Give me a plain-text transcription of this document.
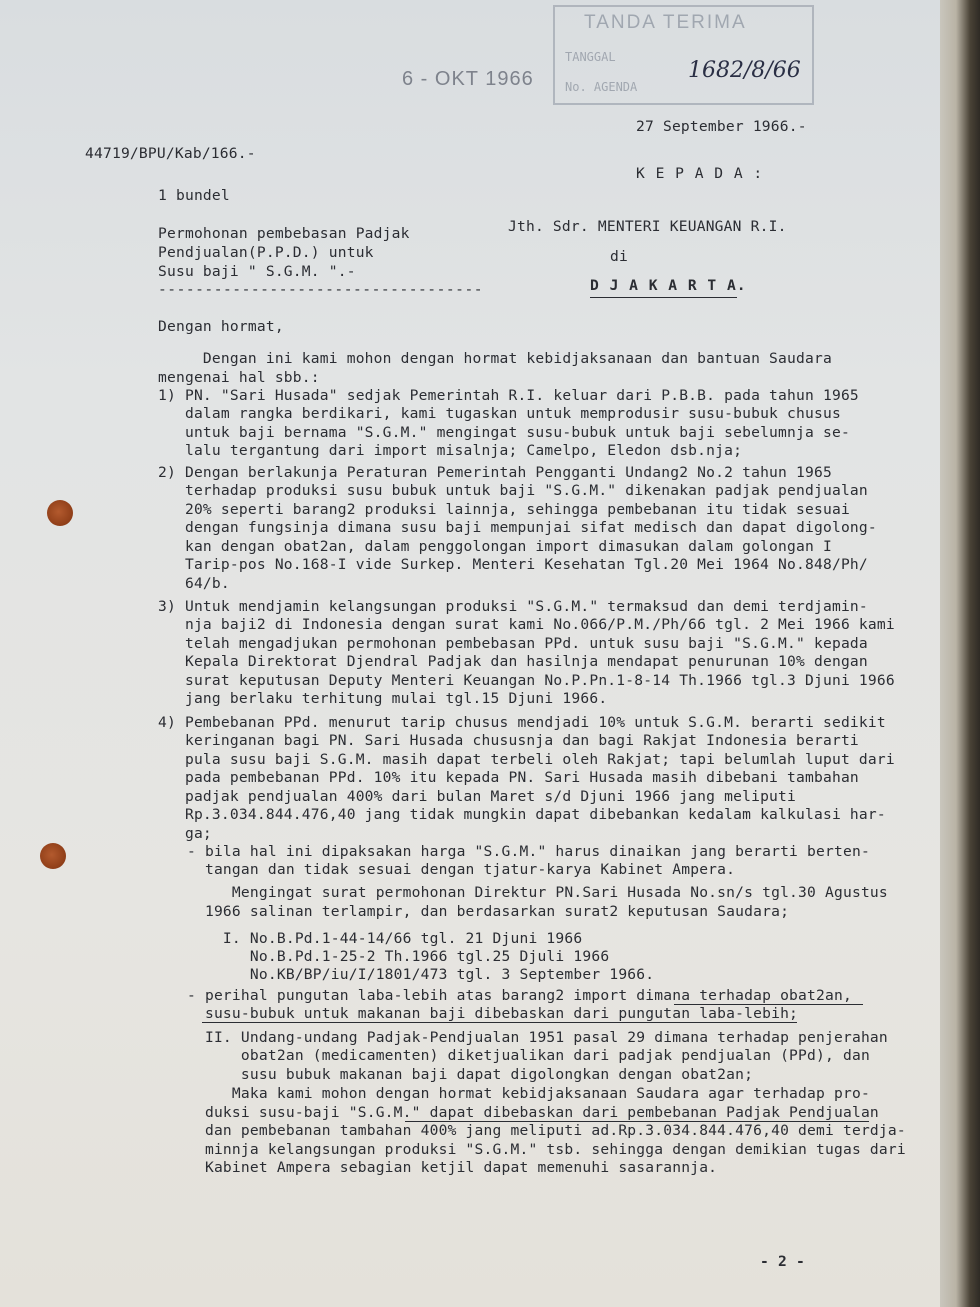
TANDA TERIMA
TANGGAL
No. AGENDA
1682/8/66
6 - OKT 1966
44719/BPU/Kab/166.-
27 September 1966.-
1 bundel
K E P A D A :
Permohonan pembebasan Padjak
Pendjualan(P.P.D.) untuk
Susu baji " S.G.M. ".-
-----------------------------------
Jth. Sdr. MENTERI KEUANGAN R.I.
di
D J A K A R T A.
Dengan hormat,
Dengan ini kami mohon dengan hormat kebidjaksanaan dan bantuan Saudara
mengenai hal sbb.:
1) PN. "Sari Husada" sedjak Pemerintah R.I. keluar dari P.B.B. pada tahun 1965
dalam rangka berdikari, kami tugaskan untuk memprodusir susu-bubuk chusus
untuk baji bernama "S.G.M." mengingat susu-bubuk untuk baji sebelumnja se-
lalu tergantung dari import misalnja; Camelpo, Eledon dsb.nja;
2) Dengan berlakunja Peraturan Pemerintah Pengganti Undang2 No.2 tahun 1965
terhadap produksi susu bubuk untuk baji "S.G.M." dikenakan padjak pendjualan
20% seperti barang2 produksi lainnja, sehingga pembebanan itu tidak sesuai
dengan fungsinja dimana susu baji mempunjai sifat medisch dan dapat digolong-
kan dengan obat2an, dalam penggolongan import dimasukan dalam golongan I
Tarip-pos No.168-I vide Surkep. Menteri Kesehatan Tgl.20 Mei 1964 No.848/Ph/
64/b.
3) Untuk mendjamin kelangsungan produksi "S.G.M." termaksud dan demi terdjamin-
nja baji2 di Indonesia dengan surat kami No.066/P.M./Ph/66 tgl. 2 Mei 1966 kami
telah mengadjukan permohonan pembebasan PPd. untuk susu baji "S.G.M." kepada
Kepala Direktorat Djendral Padjak dan hasilnja mendapat penurunan 10% dengan
surat keputusan Deputy Menteri Keuangan No.P.Pn.1-8-14 Th.1966 tgl.3 Djuni 1966
jang berlaku terhitung mulai tgl.15 Djuni 1966.
4) Pembebanan PPd. menurut tarip chusus mendjadi 10% untuk S.G.M. berarti sedikit
keringanan bagi PN. Sari Husada chususnja dan bagi Rakjat Indonesia berarti
pula susu baji S.G.M. masih dapat terbeli oleh Rakjat; tapi belumlah luput dari
pada pembebanan PPd. 10% itu kepada PN. Sari Husada masih dibebani tambahan
padjak pendjualan 400% dari bulan Maret s/d Djuni 1966 jang meliputi
Rp.3.034.844.476,40 jang tidak mungkin dapat dibebankan kedalam kalkulasi har-
ga;
- bila hal ini dipaksakan harga "S.G.M." harus dinaikan jang berarti berten-
tangan dan tidak sesuai dengan tjatur-karya Kabinet Ampera.
Mengingat surat permohonan Direktur PN.Sari Husada No.sn/s tgl.30 Agustus
1966 salinan terlampir, dan berdasarkan surat2 keputusan Saudara;
I. No.B.Pd.1-44-14/66 tgl. 21 Djuni 1966
No.B.Pd.1-25-2 Th.1966 tgl.25 Djuli 1966
No.KB/BP/iu/I/1801/473 tgl. 3 September 1966.
- perihal pungutan laba-lebih atas barang2 import dimana terhadap obat2an,
susu-bubuk untuk makanan baji dibebaskan dari pungutan laba-lebih;
II. Undang-undang Padjak-Pendjualan 1951 pasal 29 dimana terhadap penjerahan
obat2an (medicamenten) diketjualikan dari padjak pendjualan (PPd), dan
susu bubuk makanan baji dapat digolongkan dengan obat2an;
Maka kami mohon dengan hormat kebidjaksanaan Saudara agar terhadap pro-
duksi susu-baji "S.G.M." dapat dibebaskan dari pembebanan Padjak Pendjualan
dan pembebanan tambahan 400% jang meliputi ad.Rp.3.034.844.476,40 demi terdja-
minnja kelangsungan produksi "S.G.M." tsb. sehingga dengan demikian tugas dari
Kabinet Ampera sebagian ketjil dapat memenuhi sasarannja.
- 2 -
